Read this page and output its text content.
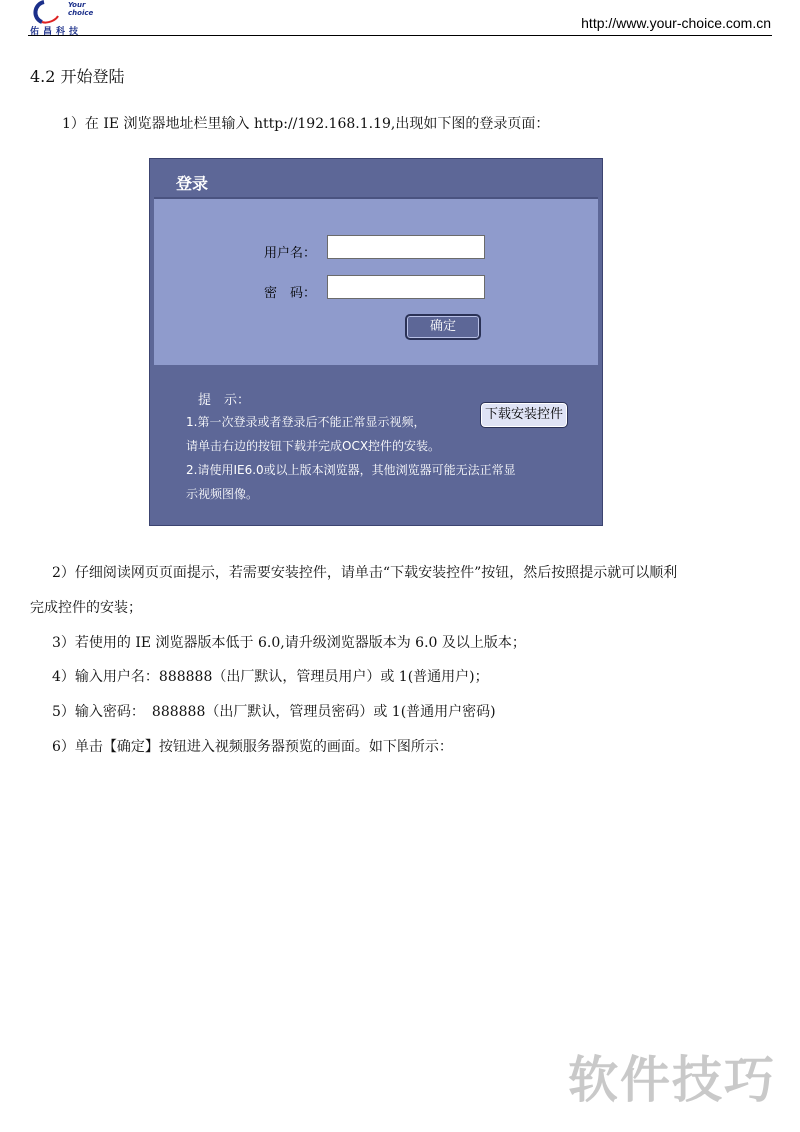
Your choice
佑昌科技
http://www.your-choice.com.cn
4.2 开始登陆
1）在 IE 浏览器地址栏里输入 http://192.168.1.19,出现如下图的登录页面：
登录
用户名：
密　码：
确定
提　示：
1.第一次登录或者登录后不能正常显示视频，
请单击右边的按钮下载并完成OCX控件的安装。
2.请使用IE6.0或以上版本浏览器，其他浏览器可能无法正常显
示视频图像。
下载安装控件
2）仔细阅读网页页面提示，若需要安装控件，请单击“下载安装控件”按钮，然后按照提示就可以顺利
完成控件的安装；
3）若使用的 IE 浏览器版本低于 6.0,请升级浏览器版本为 6.0 及以上版本；
4）输入用户名：888888（出厂默认，管理员用户）或 1(普通用户)；
5）输入密码：　888888（出厂默认，管理员密码）或 1(普通用户密码)
6）单击【确定】按钮进入视频服务器预览的画面。如下图所示：
软件技巧
